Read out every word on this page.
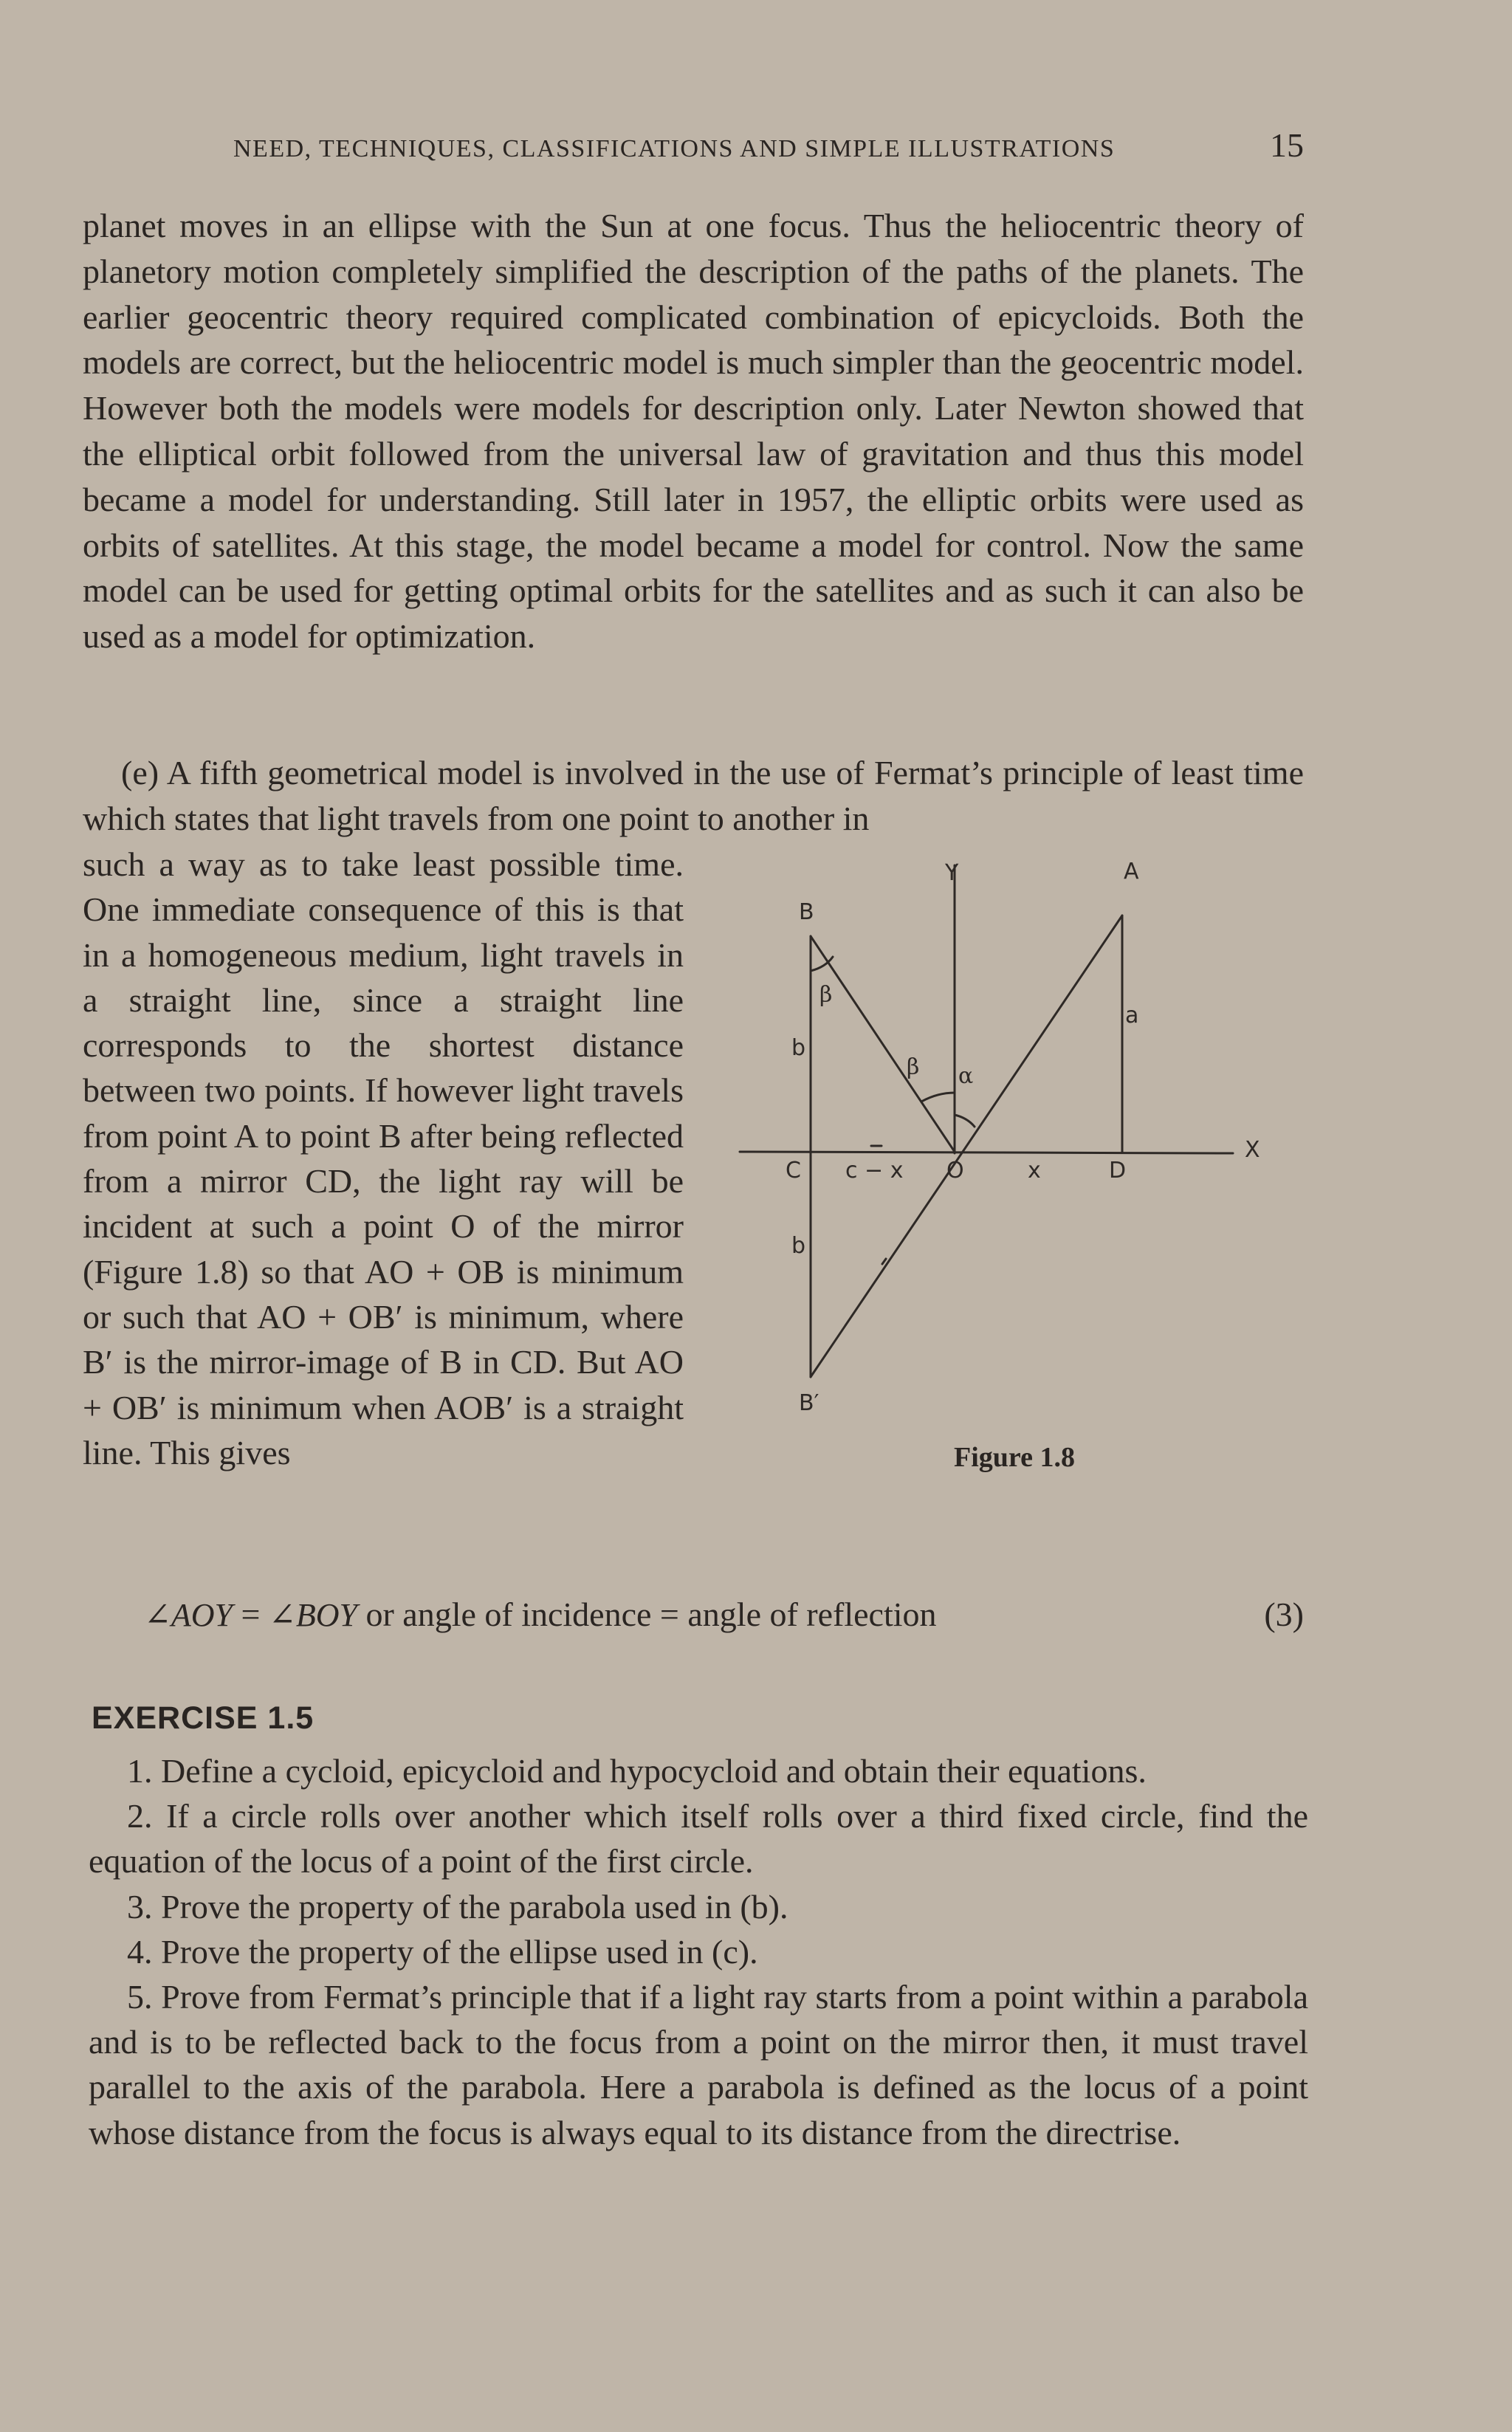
NEED, TECHNIQUES, CLASSIFICATIONS AND SIMPLE ILLUSTRATIONS	15

planet moves in an ellipse with the Sun at one focus. Thus the heliocentric theory of planetory motion completely simplified the description of the paths of the planets. The earlier geocentric theory required complicated combination of epicycloids. Both the models are correct, but the heliocentric model is much simpler than the geocentric model. However both the models were models for description only. Later Newton showed that the elliptical orbit followed from the universal law of gravitation and thus this model became a model for understanding. Still later in 1957, the elliptic orbits were used as orbits of satellites. At this stage, the model became a model for control. Now the same model can be used for getting optimal orbits for the satellites and as such it can also be used as a model for optimization.

(e) A fifth geometrical model is involved in the use of Fermat’s principle of least time which states that light travels from one point to another in

such a way as to take least possible time. One immediate consequence of this is that in a homogeneous medium, light travels in a straight line, since a straight line corresponds to the shortest distance between two points. If however light travels from point A to point B after being reflected from a mirror CD, the light ray will be incident at such a point O of the mirror (Figure 1.8) so that AO + OB is minimum or such that AO + OB′ is minimum, where B′ is the mirror-image of B in CD. But AO + OB′ is minimum when AOB′ is a straight line. This gives

Y	A
B
β
a
b
β α
X
C c − x O	x	D
b
B′
Figure 1.8
∠AOY = ∠BOY or angle of incidence = angle of reflection	(3)
EXERCISE 1.5

1. Define a cycloid, epicycloid and hypocycloid and obtain their equations.

2. If a circle rolls over another which itself rolls over a third fixed circle, find the equation of the locus of a point of the first circle.

3. Prove the property of the parabola used in (b).

4. Prove the property of the ellipse used in (c).

5. Prove from Fermat’s principle that if a light ray starts from a point within a parabola and is to be reflected back to the focus from a point on the mirror then, it must travel parallel to the axis of the parabola. Here a parabola is defined as the locus of a point whose distance from the focus is always equal to its distance from the directrise.
